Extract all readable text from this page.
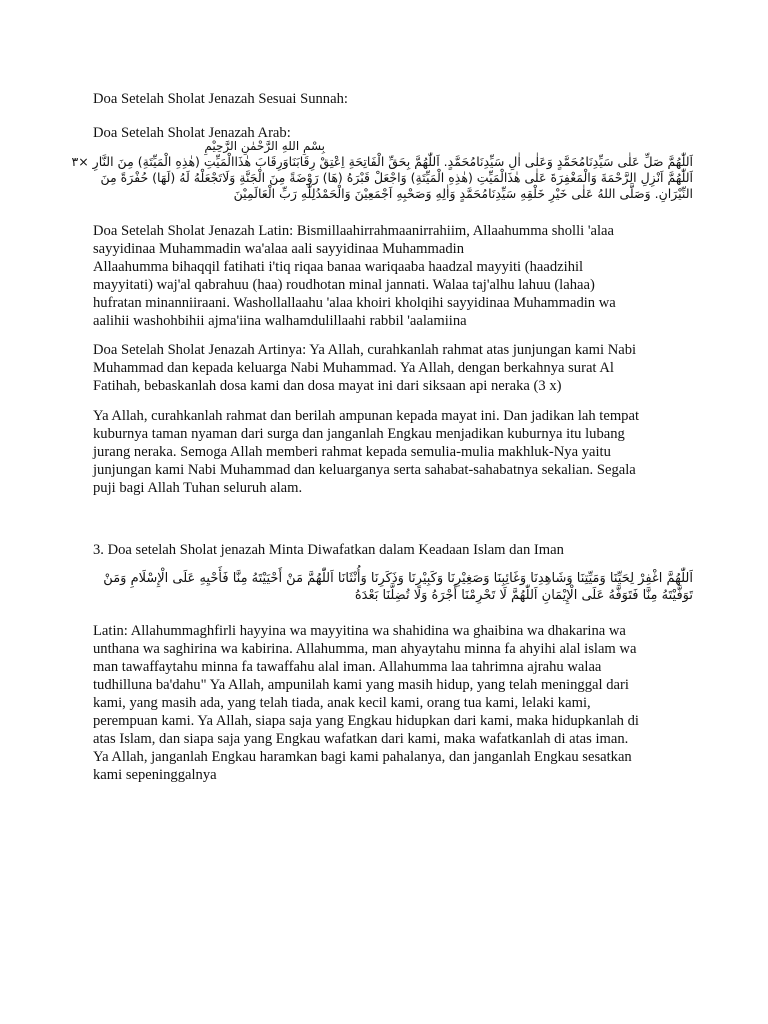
Doa Setelah Sholat Jenazah Sesuai Sunnah:
Doa Setelah Sholat Jenazah Arab:
بِسْمِ اللهِ الرَّحْمٰنِ الرَّحِيْمِ
اَللّٰهُمَّ صَلِّ عَلٰى سَيِّدِنَامُحَمَّدٍ وَعَلٰى اٰلِ سَيِّدِنَامُحَمَّدٍ. اَللّٰهُمَّ بِحَقِّ الْفَاتِحَةِ اِعْتِقْ رِقَابَنَاوَرِقَابَ هٰذَاالْمَيِّتِ (هٰذِهِ الْمَيِّتَةِ) مِنَ النَّارِ ×٣
اَللّٰهُمَّ اَنْزِلِ الرَّحْمَةَ وَالْمَغْفِرَةَ عَلٰى هٰذَالْمَيِّتِ (هٰذِهِ الْمَيِّتَةِ) وَاجْعَلْ قَبْرَهُ (هَا) رَوْضَةً مِنَ الْجَنَّةِ وَلَاتَجْعَلْهُ لَهُ (لَهَا) حُفْرَةً مِنَ
النِّيْرَانِ. وَصَلَّى اللهُ عَلٰى خَيْرِ خَلْقِهِ سَيِّدِنَامُحَمَّدٍ وَاٰلِهِ وَصَحْبِهِ اَجْمَعِيْنَ وَالْحَمْدُلِلّٰهِ رَبِّ الْعَالَمِيْنَ
Doa Setelah Sholat Jenazah Latin: Bismillaahirrahmaanirrahiim, Allaahumma sholli 'alaa
sayyidinaa Muhammadin wa'alaa aali sayyidinaa Muhammadin
Allaahumma bihaqqil fatihati i'tiq riqaa banaa wariqaaba haadzal mayyiti (haadzihil
mayyitati) waj'al qabrahuu (haa) roudhotan minal jannati. Walaa taj'alhu lahuu (lahaa)
hufratan minanniiraani. Washollallaahu 'alaa khoiri kholqihi sayyidinaa Muhammadin wa
aalihii washohbihii ajma'iina walhamdulillaahi rabbil 'aalamiina
Doa Setelah Sholat Jenazah Artinya: Ya Allah, curahkanlah rahmat atas junjungan kami Nabi
Muhammad dan kepada keluarga Nabi Muhammad. Ya Allah, dengan berkahnya surat Al
Fatihah, bebaskanlah dosa kami dan dosa mayat ini dari siksaan api neraka (3 x)
Ya Allah, curahkanlah rahmat dan berilah ampunan kepada mayat ini. Dan jadikan lah tempat
kuburnya taman nyaman dari surga dan janganlah Engkau menjadikan kuburnya itu lubang
jurang neraka. Semoga Allah memberi rahmat kepada semulia-mulia makhluk-Nya yaitu
junjungan kami Nabi Muhammad dan keluarganya serta sahabat-sahabatnya sekalian. Segala
puji bagi Allah Tuhan seluruh alam.
3. Doa setelah Sholat jenazah Minta Diwafatkan dalam Keadaan Islam dan Iman
اَللّٰهُمَّ اغْفِرْ لِحَيِّنَا وَمَيِّتِنَا وَشَاهِدِنَا وَغَائِبِنَا وَصَغِيْرِنَا وَكَبِيْرِنَا وَذَكَرِنَا وَأُنْثَانَا اَللّٰهُمَّ مَنْ أَحْيَيْتَهُ مِنَّا فَأَحْيِهِ عَلَى الْإِسْلَامِ وَمَنْ
تَوَفَّيْتَهُ مِنَّا فَتَوَفَّهُ عَلَى الْإِيْمَانِ اَللّٰهُمَّ لَا تَحْرِمْنَا أَجْرَهُ وَلَا تُضِلَّنَا بَعْدَهُ
Latin: Allahummaghfirli hayyina wa mayyitina wa shahidina wa ghaibina wa dhakarina wa
unthana wa saghirina wa kabirina. Allahumma, man ahyaytahu minna fa ahyihi alal islam wa
man tawaffaytahu minna fa tawaffahu alal iman. Allahumma laa tahrimna ajrahu walaa
tudhilluna ba'dahu" Ya Allah, ampunilah kami yang masih hidup, yang telah meninggal dari
kami, yang masih ada, yang telah tiada, anak kecil kami, orang tua kami, lelaki kami,
perempuan kami. Ya Allah, siapa saja yang Engkau hidupkan dari kami, maka hidupkanlah di
atas Islam, dan siapa saja yang Engkau wafatkan dari kami, maka wafatkanlah di atas iman.
Ya Allah, janganlah Engkau haramkan bagi kami pahalanya, dan janganlah Engkau sesatkan
kami sepeninggalnya
